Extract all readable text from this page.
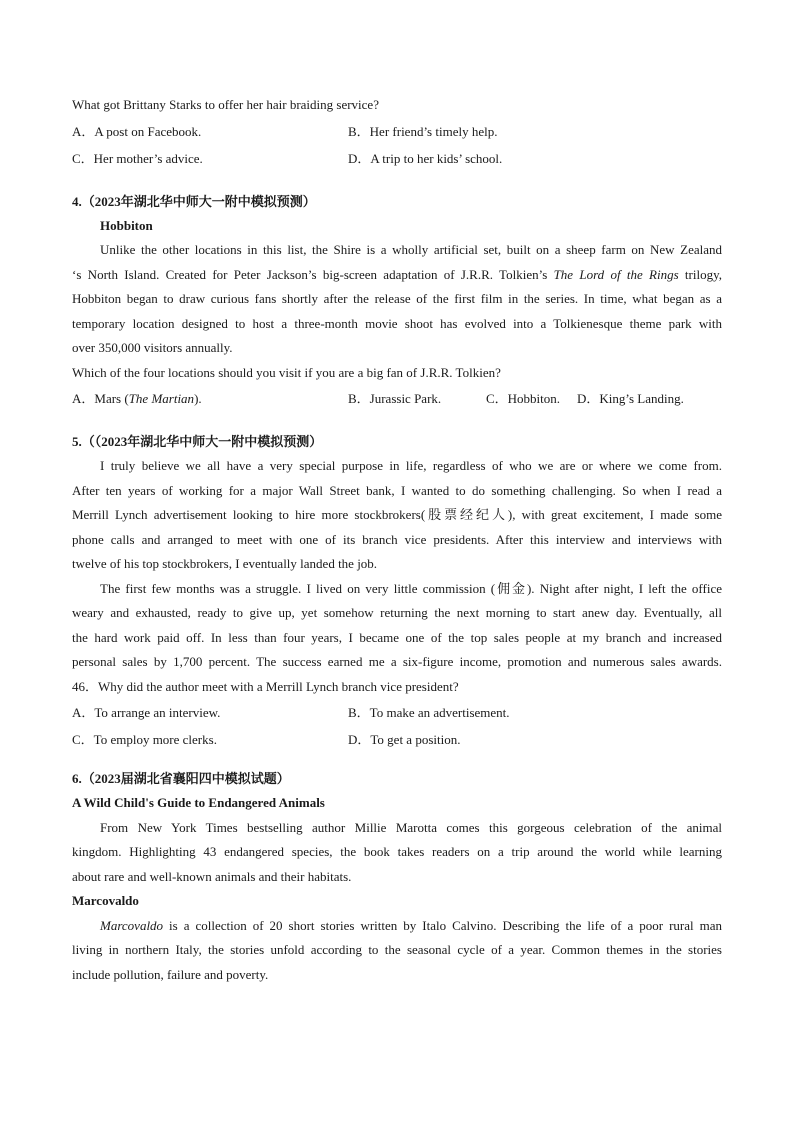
What got Brittany Starks to offer her hair braiding service?
A．A post on Facebook.	B．Her friend’s timely help.
C．Her mother’s advice.	D．A trip to her kids’ school.
4.（2023年湖北华中师大一附中模拟预测）
Hobbiton
Unlike the other locations in this list, the Shire is a wholly artificial set, built on a sheep farm on New Zealand
‘s North Island. Created for Peter Jackson’s big-screen adaptation of J.R.R. Tolkien’s The Lord of the Rings trilogy,
Hobbiton began to draw curious fans shortly after the release of the first film in the series. In time, what began as a
temporary location designed to host a three-month movie shoot has evolved into a Tolkienesque theme park with
over 350,000 visitors annually.
Which of the four locations should you visit if you are a big fan of J.R.R. Tolkien?
A．Mars (The Martian).	B．Jurassic Park.	C．Hobbiton. D．King’s Landing.
5.（（2023年湖北华中师大一附中模拟预测）
I truly believe we all have a very special purpose in life, regardless of who we are or where we come from.
After ten years of working for a major Wall Street bank, I wanted to do something challenging. So when I read a
Merrill Lynch advertisement looking to hire more stockbrokers(股票经纪人), with great excitement, I made some
phone calls and arranged to meet with one of its branch vice presidents. After this interview and interviews with
twelve of his top stockbrokers, I eventually landed the job.
The first few months was a struggle. I lived on very little commission (佣金). Night after night, I left the office
weary and exhausted, ready to give up, yet somehow returning the next morning to start anew day. Eventually, all
the hard work paid off. In less than four years, I became one of the top sales people at my branch and increased
personal sales by 1,700 percent. The success earned me a six-figure income, promotion and numerous sales awards.
46．Why did the author meet with a Merrill Lynch branch vice president?
A．To arrange an interview.	B．To make an advertisement.
C．To employ more clerks.	D．To get a position.
6.（2023届湖北省襄阳四中模拟试题）
A Wild Child's Guide to Endangered Animals
From New York Times bestselling author Millie Marotta comes this gorgeous celebration of the animal
kingdom. Highlighting 43 endangered species, the book takes readers on a trip around the world while learning
about rare and well-known animals and their habitats.
Marcovaldo
Marcovaldo is a collection of 20 short stories written by Italo Calvino. Describing the life of a poor rural man
living in northern Italy, the stories unfold according to the seasonal cycle of a year. Common themes in the stories
include pollution, failure and poverty.
